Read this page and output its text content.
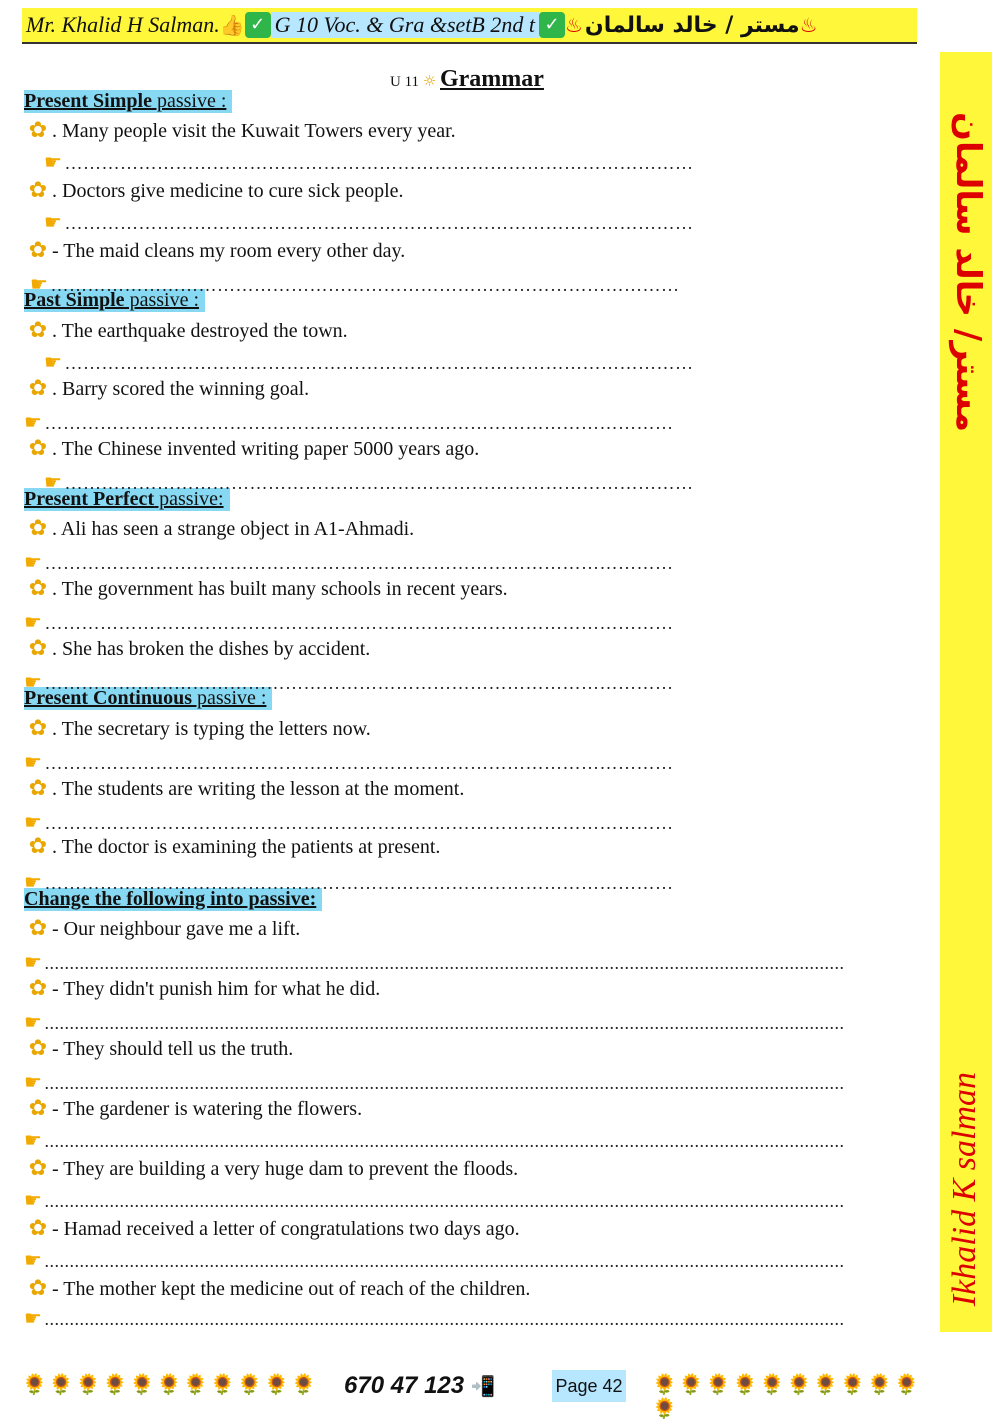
Mr. Khalid H Salman. 👍 ✓ G 10 Voc. & Gra &setB 2nd t ✓ ♨ مستر / خالد سالمان ♨
مستر/ خالد سالمان
Ikhalid K salman
U 11 ☼ Grammar
Present Simple passive :
Past Simple passive :
Present Perfect passive:
Present Continuous passive :
Change the following into passive:
✿ . Many people visit the Kuwait Towers every year.
☛ …………………………………………………………………………………………
✿ . Doctors give medicine to cure sick people.
☛ …………………………………………………………………………………………
✿ - The maid cleans my room every other day.
☛ …………………………………………………………………………………………
✿ . The earthquake destroyed the town.
☛ …………………………………………………………………………………………
✿ . Barry scored the winning goal.
☛ …………………………………………………………………………………………
✿ . The Chinese invented writing paper 5000 years ago.
☛ …………………………………………………………………………………………
✿ . Ali has seen a strange object in A1-Ahmadi.
☛ …………………………………………………………………………………………
✿ . The government has built many schools in recent years.
☛ …………………………………………………………………………………………
✿ . She has broken the dishes by accident.
☛ …………………………………………………………………………………………
✿ . The secretary is typing the letters now.
☛ …………………………………………………………………………………………
✿ . The students are writing the lesson at the moment.
☛ …………………………………………………………………………………………
✿ . The doctor is examining the patients at present.
☛ …………………………………………………………………………………………
✿ - Our neighbour gave me a lift.
☛ ................................................................................................................................................................
✿ - They didn't punish him for what he did.
☛ ................................................................................................................................................................
✿ - They should tell us the truth.
☛ ................................................................................................................................................................
✿ - The gardener is watering the flowers.
☛ ................................................................................................................................................................
✿ - They are building a very huge dam to prevent the floods.
☛ ................................................................................................................................................................
✿ - Hamad received a letter of congratulations two days ago.
☛ ................................................................................................................................................................
✿ - The mother kept the medicine out of reach of the children.
☛ ................................................................................................................................................................
🌻🌻🌻🌻🌻🌻🌻🌻🌻🌻🌻 670 47 123 📲	Page 42 🌻🌻🌻🌻🌻🌻🌻🌻🌻🌻🌻
